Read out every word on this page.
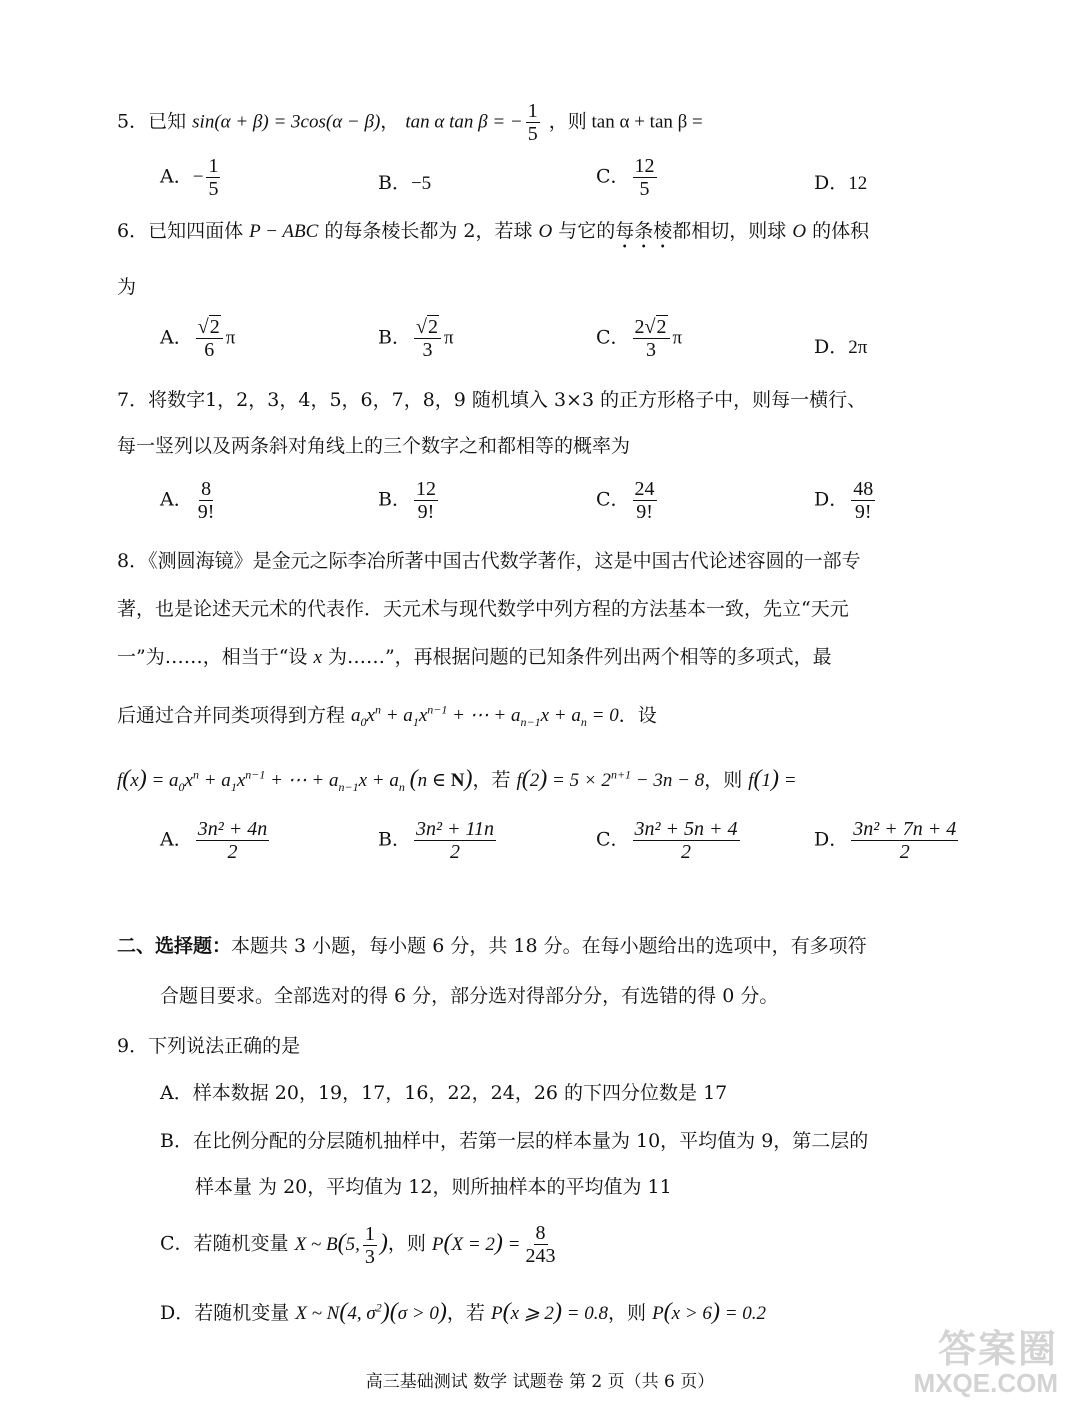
5．已知 sin(α + β) = 3cos(α − β)， tan α tan β = − $\frac{1}{5}$ ，则 tan α + tan β =
A．− $\frac{1}{5}$	B．−5	C． $\frac{12}{5}$	D．12
6．已知四面体 P − ABC 的每条棱长都为 2，若球 O 与它的每条棱都相切，则球 O 的体积
为
A． √ $\frac{2}{6}$ π	B． √ $\frac{2}{3}$ π	C． $\frac{2 √ 2}{3}$ π	D．2π
7．将数字1，2，3，4，5，6，7，8，9 随机填入 3×3 的正方形格子中，则每一横行、
每一竖列以及两条斜对角线上的三个数字之和都相等的概率为
A． $\frac{8}{9!}$	B． $\frac{12}{9!}$	C． $\frac{24}{9!}$	D． $\frac{48}{9!}$
8．《测圆海镜》是金元之际李冶所著中国古代数学著作，这是中国古代论述容圆的一部专
著，也是论述天元术的代表作．天元术与现代数学中列方程的方法基本一致，先立“天元
一”为……，相当于“设 x 为……”，再根据问题的已知条件列出两个相等的多项式，最
后通过合并同类项得到方程 $a_0x^n + a_1x^{n-1}$ + ⋯ + $a_{n-1}x + a_n = 0$．设
$f(x) = a_0x^n + a_1x^{n-1}$ + ⋯ + $a_{n-1}x + a_n$ (n ∈ N)，若 $f(2) = 5 \times 2^{n+1} - 3n - 8$，则 f(1) =
A． $\frac{\text{3n² + 4n}}{2}$	B． $\frac{\text{3n² + 11n}}{2}$	C． $\frac{\text{3n² + 5n + 4}}{2}$	D． $\frac{\text{3n² + 7n + 4}}{2}$
二、选择题：本题共 3 小题，每小题 6 分，共 18 分。在每小题给出的选项中，有多项符
合题目要求。全部选对的得 6 分，部分选对得部分分，有选错的得 0 分。
9．下列说法正确的是
A．样本数据 20，19，17，16，22，24，26 的下四分位数是 17
B．在比例分配的分层随机抽样中，若第一层的样本量为 10，平均值为 9，第二层的
样本量 为 20，平均值为 12，则所抽样本的平均值为 11
C．若随机变量 X ~ B(5, $\frac{1}{3}$ )，则 $P(X = 2) = \frac{8}{243}$
D．若随机变量 X ~ N(4, $\sigma^2)(\sigma > 0)$，若 P(x ⩾ 2) = 0.8，则 P(x > 6) = 0.2
高三基础测试 数学 试题卷 第 2 页（共 6 页）
答案圈
MXQE.COM
